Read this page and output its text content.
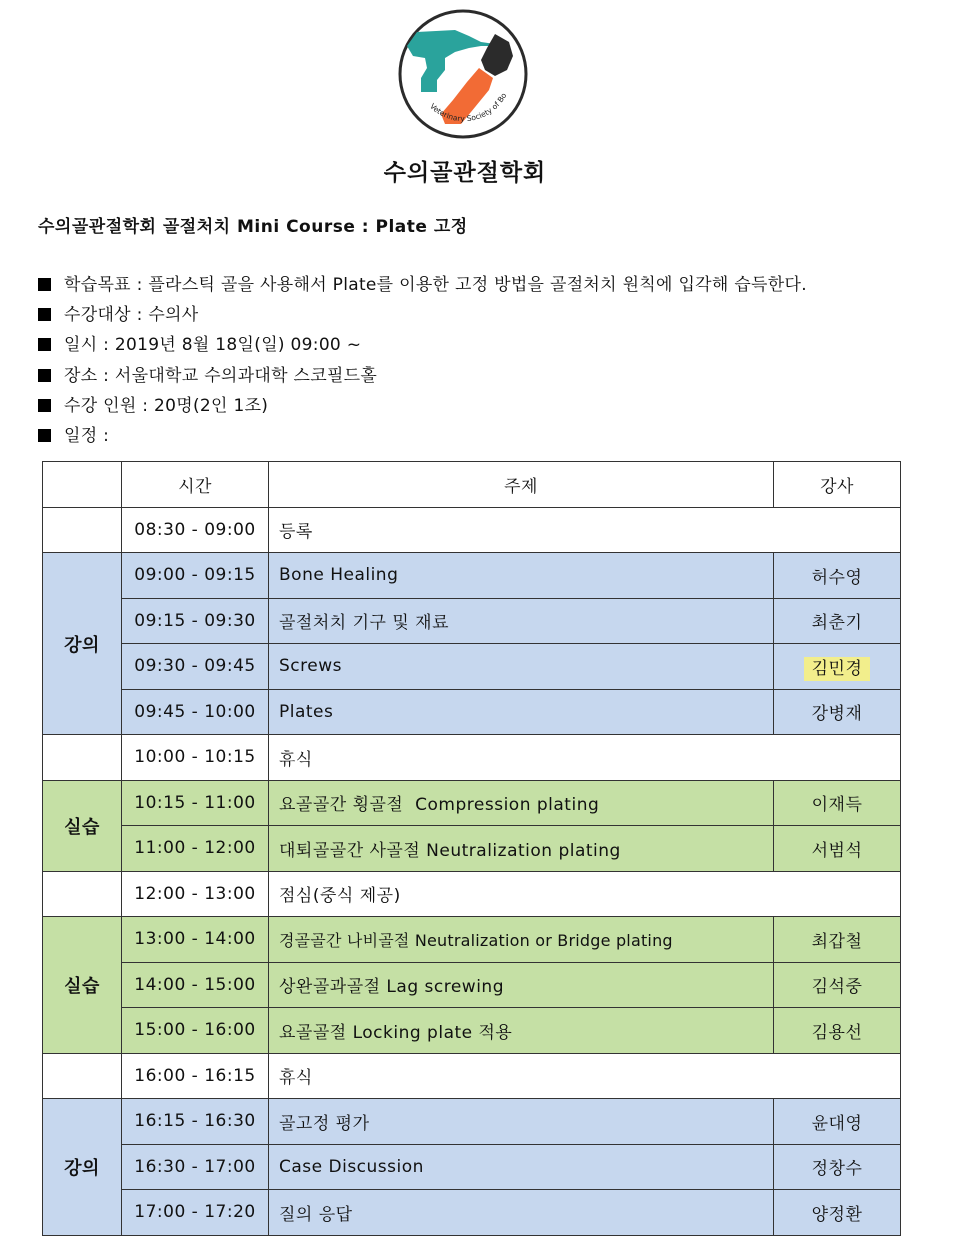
Veterinary Society of Bo
수의골관절학회
수의골관절학회 골절처치 Mini Course : Plate 고정
학습목표 : 플라스틱 골을 사용해서 Plate를 이용한 고정 방법을 골절처치 원칙에 입각해 습득한다.
수강대상 : 수의사
일시 : 2019년 8월 18일(일) 09:00 ~
장소 : 서울대학교 수의과대학 스코필드홀
수강 인원 : 20명(2인 1조)
일정 :
	시간	주제	강사
	08:30 - 09:00	등록	
강의	09:00 - 09:15	Bone Healing	허수영
	09:15 - 09:30	골절처치 기구 및 재료	최춘기
	09:30 - 09:45	Screws	김민경
	09:45 - 10:00	Plates	강병재
	10:00 - 10:15	휴식	
실습	10:15 - 11:00	요골골간 횡골절  Compression plating	이재득
	11:00 - 12:00	대퇴골골간 사골절 Neutralization plating	서범석
	12:00 - 13:00	점심(중식 제공)	
실습	13:00 - 14:00	경골골간 나비골절 Neutralization or Bridge plating	최갑철
	14:00 - 15:00	상완골과골절 Lag screwing	김석중
	15:00 - 16:00	요골골절 Locking plate 적용	김용선
	16:00 - 16:15	휴식	
강의	16:15 - 16:30	골고정 평가	윤대영
	16:30 - 17:00	Case Discussion	정창수
	17:00 - 17:20	질의 응답	양정환
